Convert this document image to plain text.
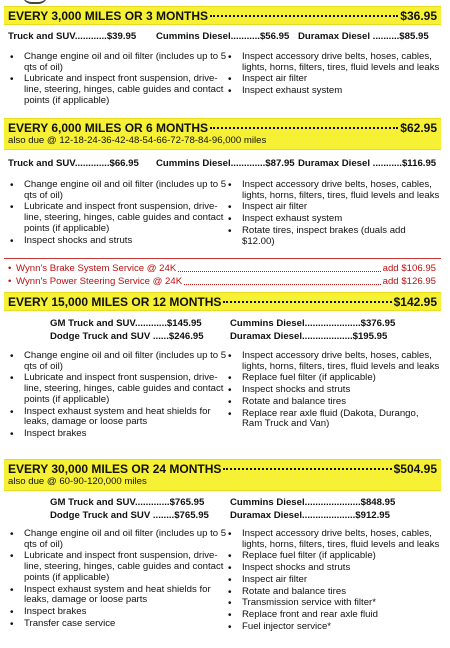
EVERY 3,000 MILES OR 3 MONTHS	$36.95
Truck and SUV............$39.95 Cummins Diesel...........$56.95 Duramax Diesel ..........$85.95
• Change engine oil and oil filter (includes up to 5 qts of oil)
• Lubricate and inspect front suspension, drive-line, steering, hinges, cable guides and contact points (if applicable)
• Inspect accessory drive belts, hoses, cables, lights, horns, filters, tires, fluid levels and leaks
• Inspect air filter
• Inspect exhaust system
EVERY 6,000 MILES OR 6 MONTHS	$62.95
also due @ 12-18-24-36-42-48-54-66-72-78-84-96,000 miles
Truck and SUV.............$66.95 Cummins Diesel.............$87.95 Duramax Diesel ...........$116.95
• Change engine oil and oil filter (includes up to 5 qts of oil)
• Lubricate and inspect front suspension, drive-line, steering, hinges, cable guides and contact points (if applicable)
• Inspect shocks and struts
• Inspect accessory drive belts, hoses, cables, lights, horns, filters, tires, fluid levels and leaks
• Inspect air filter
• Inspect exhaust system
• Rotate tires, inspect brakes (duals add $12.00)
• Wynn's Brake System Service @ 24K	add $106.95
• Wynn's Power Steering Service @ 24K	add $126.95
EVERY 15,000 MILES OR 12 MONTHS	$142.95
GM Truck and SUV............$145.95	Cummins Diesel.....................$376.95
Dodge Truck and SUV ......$246.95	Duramax Diesel...................$195.95
• Change engine oil and oil filter (includes up to 5 qts of oil)
• Lubricate and inspect front suspension, drive-line, steering, hinges, cable guides and contact points (if applicable)
• Inspect exhaust system and heat shields for leaks, damage or loose parts
• Inspect brakes
• Inspect accessory drive belts, hoses, cables, lights, horns, filters, tires, fluid levels and leaks
• Replace fuel filter (if applicable)
• Inspect shocks and struts
• Rotate and balance tires
• Replace rear axle fluid (Dakota, Durango, Ram Truck and Van)
EVERY 30,000 MILES OR 24 MONTHS	$504.95
also due @ 60-90-120,000 miles
GM Truck and SUV.............$765.95	Cummins Diesel.....................$848.95
Dodge Truck and SUV ........$765.95 Duramax Diesel....................$912.95
• Change engine oil and oil filter (includes up to 5 qts of oil)
• Lubricate and inspect front suspension, drive-line, steering, hinges, cable guides and contact points (if applicable)
• Inspect exhaust system and heat shields for leaks, damage or loose parts
• Inspect brakes
• Transfer case service
• Inspect accessory drive belts, hoses, cables, lights, horns, filters, tires, fluid levels and leaks
• Replace fuel filter (if applicable)
• Inspect shocks and struts
• Inspect air filter
• Rotate and balance tires
• Transmission service with filter*
• Replace front and rear axle fluid
• Fuel injector service*
